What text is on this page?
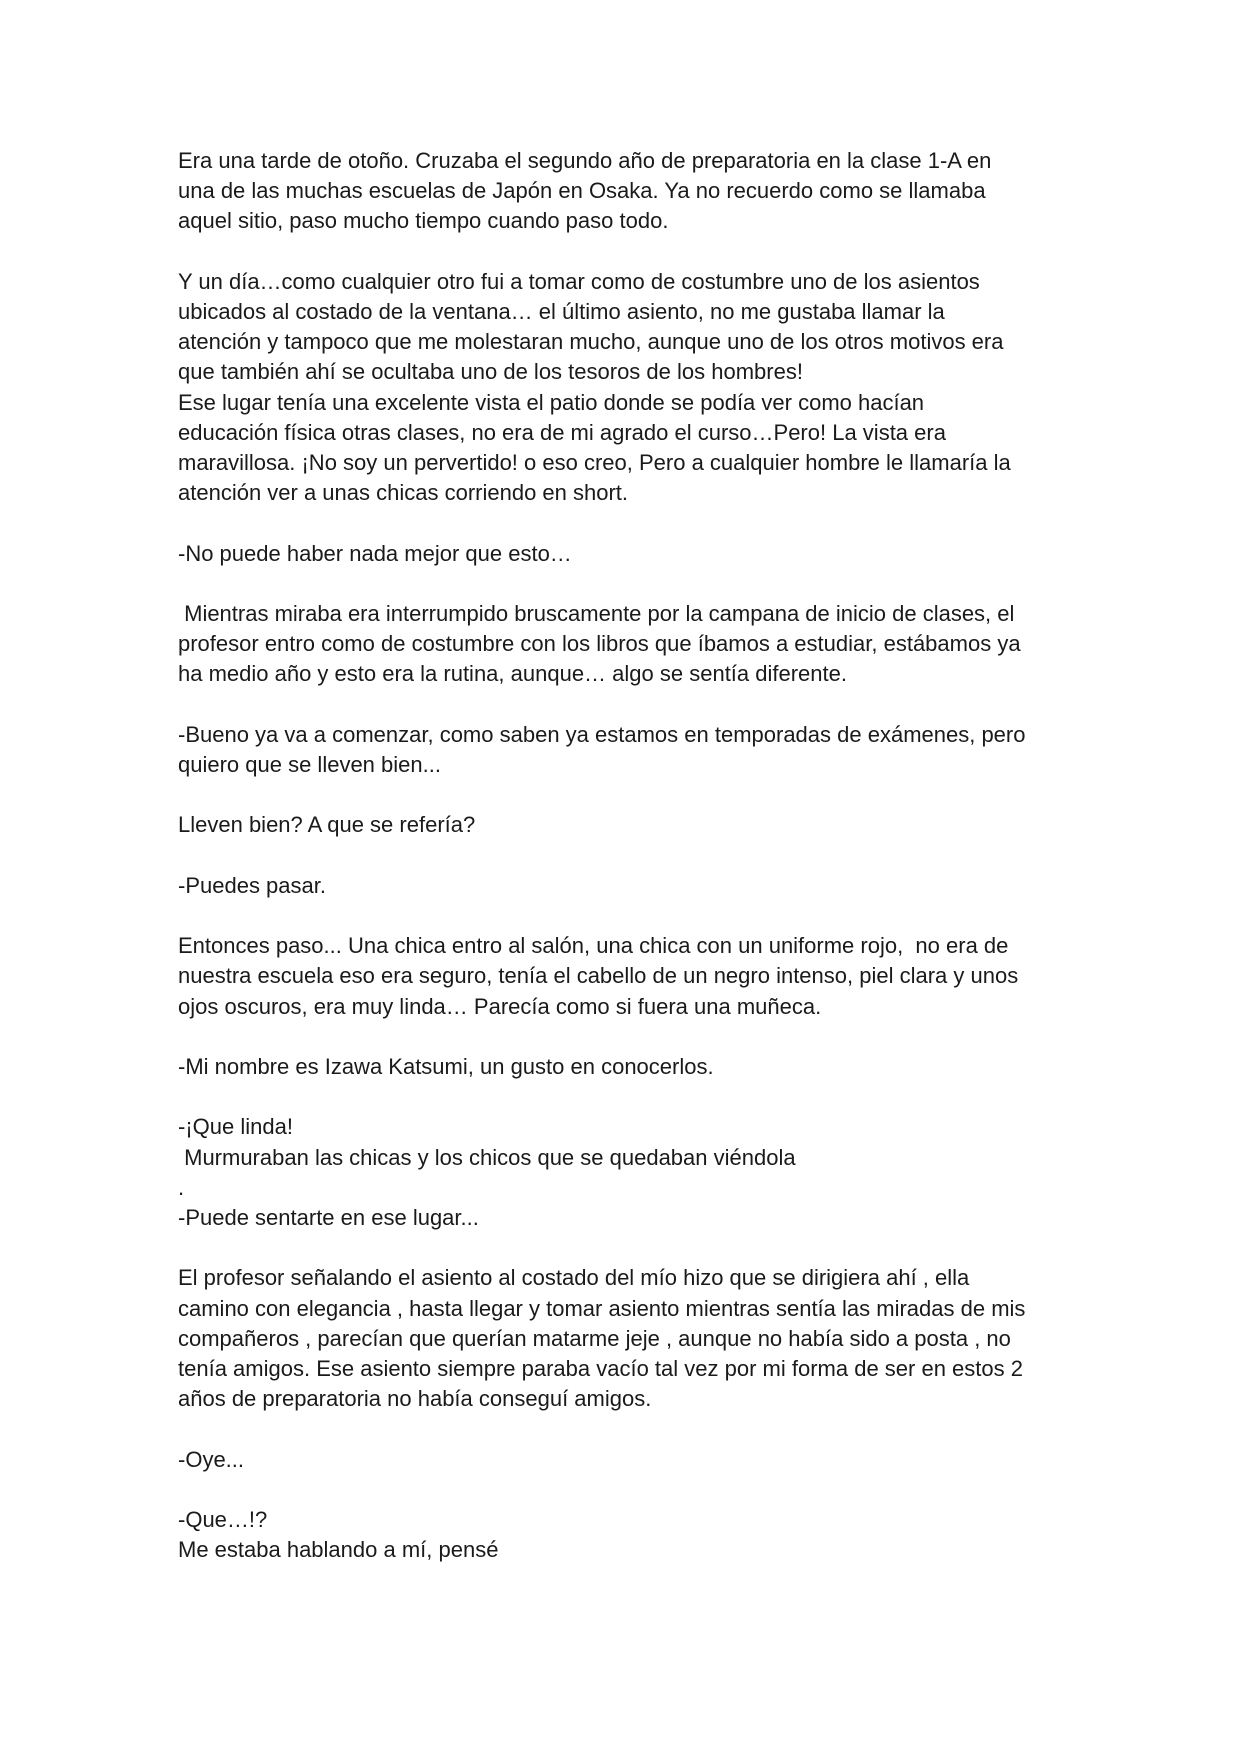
Era una tarde de otoño. Cruzaba el segundo año de preparatoria en la clase 1-A en
una de las muchas escuelas de Japón en Osaka. Ya no recuerdo como se llamaba
aquel sitio, paso mucho tiempo cuando paso todo.
Y un día…como cualquier otro fui a tomar como de costumbre uno de los asientos
ubicados al costado de la ventana… el último asiento, no me gustaba llamar la
atención y tampoco que me molestaran mucho, aunque uno de los otros motivos era
que también ahí se ocultaba uno de los tesoros de los hombres!
Ese lugar tenía una excelente vista el patio donde se podía ver como hacían
educación física otras clases, no era de mi agrado el curso…Pero! La vista era
maravillosa. ¡No soy un pervertido! o eso creo, Pero a cualquier hombre le llamaría la
atención ver a unas chicas corriendo en short.
-No puede haber nada mejor que esto…
Mientras miraba era interrumpido bruscamente por la campana de inicio de clases, el
profesor entro como de costumbre con los libros que íbamos a estudiar, estábamos ya
ha medio año y esto era la rutina, aunque… algo se sentía diferente.
-Bueno ya va a comenzar, como saben ya estamos en temporadas de exámenes, pero
quiero que se lleven bien...
Lleven bien? A que se refería?
-Puedes pasar.
Entonces paso... Una chica entro al salón, una chica con un uniforme rojo,  no era de
nuestra escuela eso era seguro, tenía el cabello de un negro intenso, piel clara y unos
ojos oscuros, era muy linda… Parecía como si fuera una muñeca.
-Mi nombre es Izawa Katsumi, un gusto en conocerlos.
-¡Que linda!
Murmuraban las chicas y los chicos que se quedaban viéndola
.
-Puede sentarte en ese lugar...
El profesor señalando el asiento al costado del mío hizo que se dirigiera ahí , ella
camino con elegancia , hasta llegar y tomar asiento mientras sentía las miradas de mis
compañeros , parecían que querían matarme jeje , aunque no había sido a posta , no
tenía amigos. Ese asiento siempre paraba vacío tal vez por mi forma de ser en estos 2
años de preparatoria no había conseguí amigos.
-Oye...
-Que…!?
Me estaba hablando a mí, pensé
